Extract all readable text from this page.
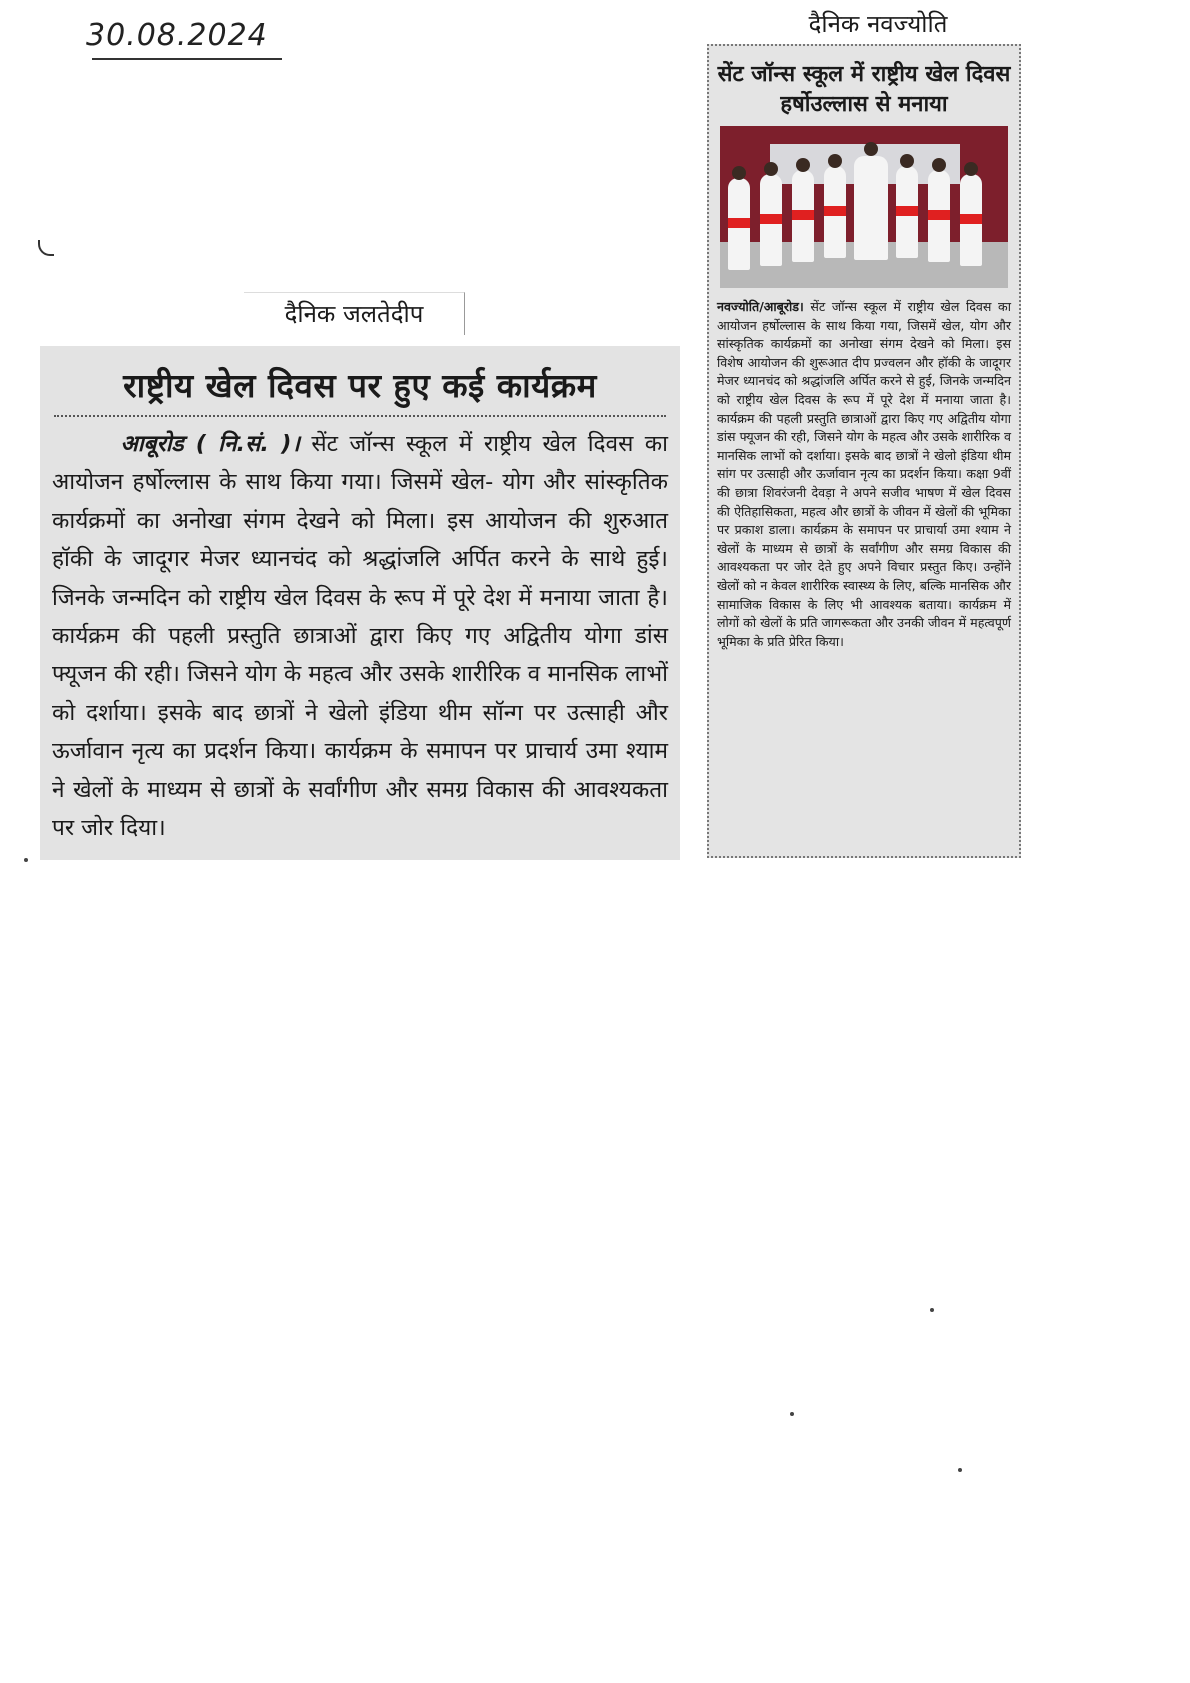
30.08.2024
दैनिक जलतेदीप
राष्ट्रीय खेल दिवस पर हुए कई कार्यक्रम
आबूरोड ( नि.सं. )। सेंट जॉन्स स्कूल में राष्ट्रीय खेल दिवस का आयोजन हर्षोल्लास के साथ किया गया। जिसमें खेल- योग और सांस्कृतिक कार्यक्रमों का अनोखा संगम देखने को मिला। इस आयोजन की शुरुआत हॉकी के जादूगर मेजर ध्यानचंद को श्रद्धांजलि अर्पित करने के साथे हुई। जिनके जन्मदिन को राष्ट्रीय खेल दिवस के रूप में पूरे देश में मनाया जाता है। कार्यक्रम की पहली प्रस्तुति छात्राओं द्वारा किए गए अद्वितीय योगा डांस फ्यूजन की रही। जिसने योग के महत्व और उसके शारीरिक व मानसिक लाभों को दर्शाया। इसके बाद छात्रों ने खेलो इंडिया थीम सॉन्ग पर उत्साही और ऊर्जावान नृत्य का प्रदर्शन किया। कार्यक्रम के समापन पर प्राचार्य उमा श्याम ने खेलों के माध्यम से छात्रों के सर्वांगीण और समग्र विकास की आवश्यकता पर जोर दिया।
दैनिक नवज्योति
सेंट जॉन्स स्कूल में राष्ट्रीय खेल दिवस हर्षोउल्लास से मनाया
नवज्योति/आबूरोड। सेंट जॉन्स स्कूल में राष्ट्रीय खेल दिवस का आयोजन हर्षोल्लास के साथ किया गया, जिसमें खेल, योग और सांस्कृतिक कार्यक्रमों का अनोखा संगम देखने को मिला। इस विशेष आयोजन की शुरूआत दीप प्रज्वलन और हॉकी के जादूगर मेजर ध्यानचंद को श्रद्धांजलि अर्पित करने से हुई, जिनके जन्मदिन को राष्ट्रीय खेल दिवस के रूप में पूरे देश में मनाया जाता है। कार्यक्रम की पहली प्रस्तुति छात्राओं द्वारा किए गए अद्वितीय योगा डांस फ्यूजन की रही, जिसने योग के महत्व और उसके शारीरिक व मानसिक लाभों को दर्शाया। इसके बाद छात्रों ने खेलो इंडिया थीम सांग पर उत्साही और ऊर्जावान नृत्य का प्रदर्शन किया। कक्षा 9वीं की छात्रा शिवरंजनी देवड़ा ने अपने सजीव भाषण में खेल दिवस की ऐतिहासिकता, महत्व और छात्रों के जीवन में खेलों की भूमिका पर प्रकाश डाला। कार्यक्रम के समापन पर प्राचार्या उमा श्याम ने खेलों के माध्यम से छात्रों के सर्वांगीण और समग्र विकास की आवश्यकता पर जोर देते हुए अपने विचार प्रस्तुत किए। उन्होंने खेलों को न केवल शारीरिक स्वास्थ्य के लिए, बल्कि मानसिक और सामाजिक विकास के लिए भी आवश्यक बताया। कार्यक्रम में लोगों को खेलों के प्रति जागरूकता और उनकी जीवन में महत्वपूर्ण भूमिका के प्रति प्रेरित किया।
